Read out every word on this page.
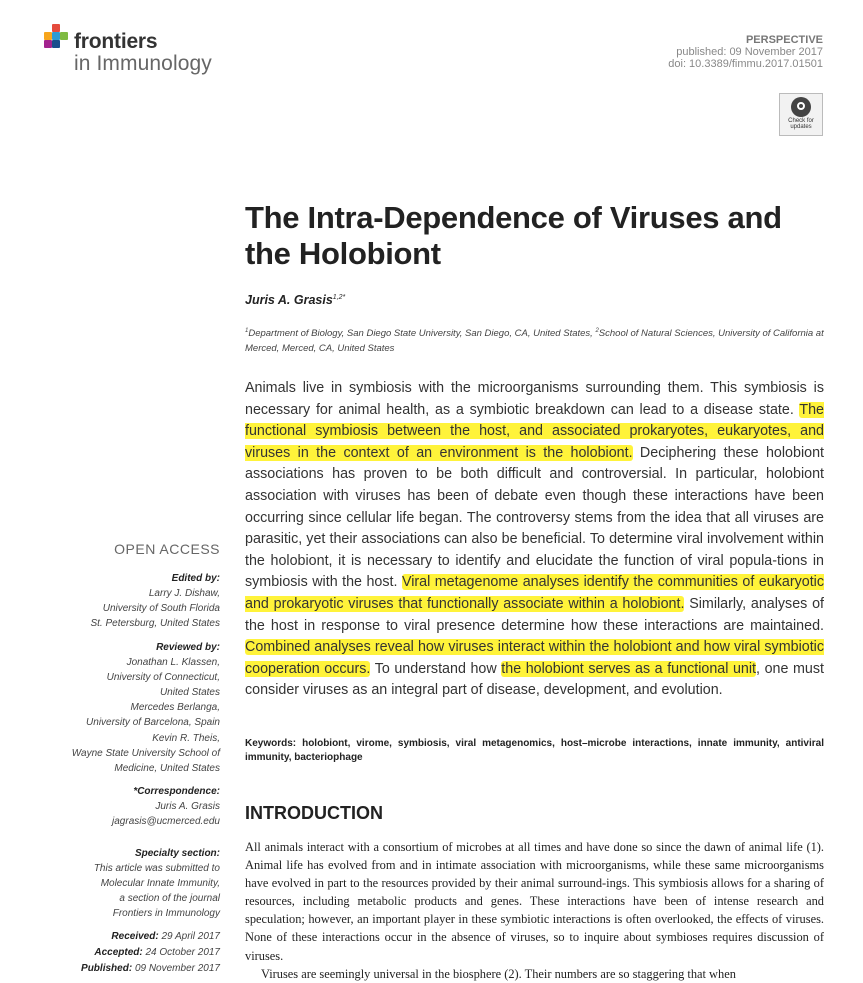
frontiers
in Immunology
PERSPECTIVE
published: 09 November 2017
doi: 10.3389/fimmu.2017.01501
Check for updates
The Intra-Dependence of Viruses and the Holobiont
Juris A. Grasis$^{1,2*}$
$^1$Department of Biology, San Diego State University, San Diego, CA, United States, $^2$School of Natural Sciences, University of California at Merced, Merced, CA, United States
Animals live in symbiosis with the microorganisms surrounding them. This symbiosis is necessary for animal health, as a symbiotic breakdown can lead to a disease state. The functional symbiosis between the host, and associated prokaryotes, eukaryotes, and viruses in the context of an environment is the holobiont. Deciphering these holobiont associations has proven to be both difficult and controversial. In particular, holobiont association with viruses has been of debate even though these interactions have been occurring since cellular life began. The controversy stems from the idea that all viruses are parasitic, yet their associations can also be beneficial. To determine viral involvement within the holobiont, it is necessary to identify and elucidate the function of viral popula-tions in symbiosis with the host. Viral metagenome analyses identify the communities of eukaryotic and prokaryotic viruses that functionally associate within a holobiont. Similarly, analyses of the host in response to viral presence determine how these interactions are maintained. Combined analyses reveal how viruses interact within the holobiont and how viral symbiotic cooperation occurs. To understand how the holobiont serves as a functional unit, one must consider viruses as an integral part of disease, development, and evolution.
Keywords: holobiont, virome, symbiosis, viral metagenomics, host–microbe interactions, innate immunity, antiviral immunity, bacteriophage
INTRODUCTION

All animals interact with a consortium of microbes at all times and have done so since the dawn of animal life (1). Animal life has evolved from and in intimate association with microorganisms, while these same microorganisms have evolved in part to the resources provided by their animal surround-ings. This symbiosis allows for a sharing of resources, including metabolic products and genes. These interactions have been of intense research and speculation; however, an important player in these symbiotic interactions is often overlooked, the effects of viruses. None of these interactions occur in the absence of viruses, so to inquire about symbioses requires discussion of viruses.

Viruses are seemingly universal in the biosphere (2). Their numbers are so staggering that when

OPEN ACCESS
Edited by:
Larry J. Dishaw,
University of South Florida
St. Petersburg, United States
Reviewed by:
Jonathan L. Klassen,
University of Connecticut,
United States
Mercedes Berlanga,
University of Barcelona, Spain
Kevin R. Theis,
Wayne State University School of
Medicine, United States
*Correspondence:
Juris A. Grasis
jagrasis@ucmerced.edu
Specialty section:
This article was submitted to
Molecular Innate Immunity,
a section of the journal
Frontiers in Immunology
Received: 29 April 2017
Accepted: 24 October 2017
Published: 09 November 2017
